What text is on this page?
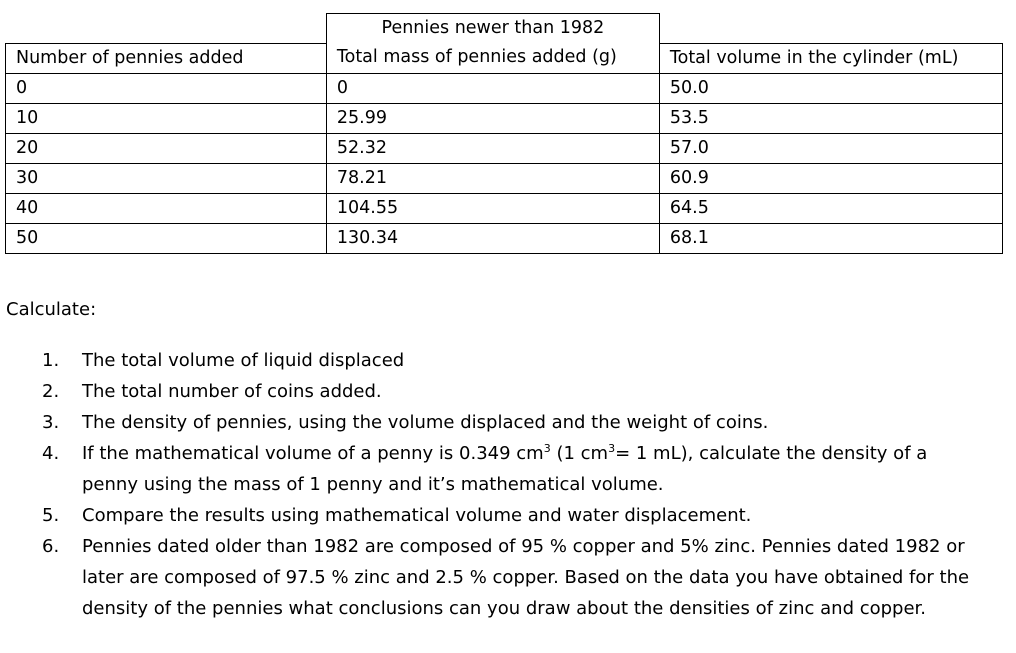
	Pennies newer than 1982	
Number of pennies added	Total mass of pennies added (g)	Total volume in the cylinder (mL)
0	0	50.0
10	25.99	53.5
20	52.32	57.0
30	78.21	60.9
40	104.55	64.5
50	130.34	68.1
Calculate:
1. The total volume of liquid displaced
2. The total number of coins added.
3. The density of pennies, using the volume displaced and the weight of coins.
4. If the mathematical volume of a penny is 0.349 $cm^3$ (1 $cm^3= 1$ mL), calculate the density of a penny using the mass of 1 penny and it’s mathematical volume.
5. Compare the results using mathematical volume and water displacement.
6. Pennies dated older than 1982 are composed of 95 % copper and 5% zinc. Pennies dated 1982 or later are composed of 97.5 % zinc and 2.5 % copper. Based on the data you have obtained for the density of the pennies what conclusions can you draw about the densities of zinc and copper.
